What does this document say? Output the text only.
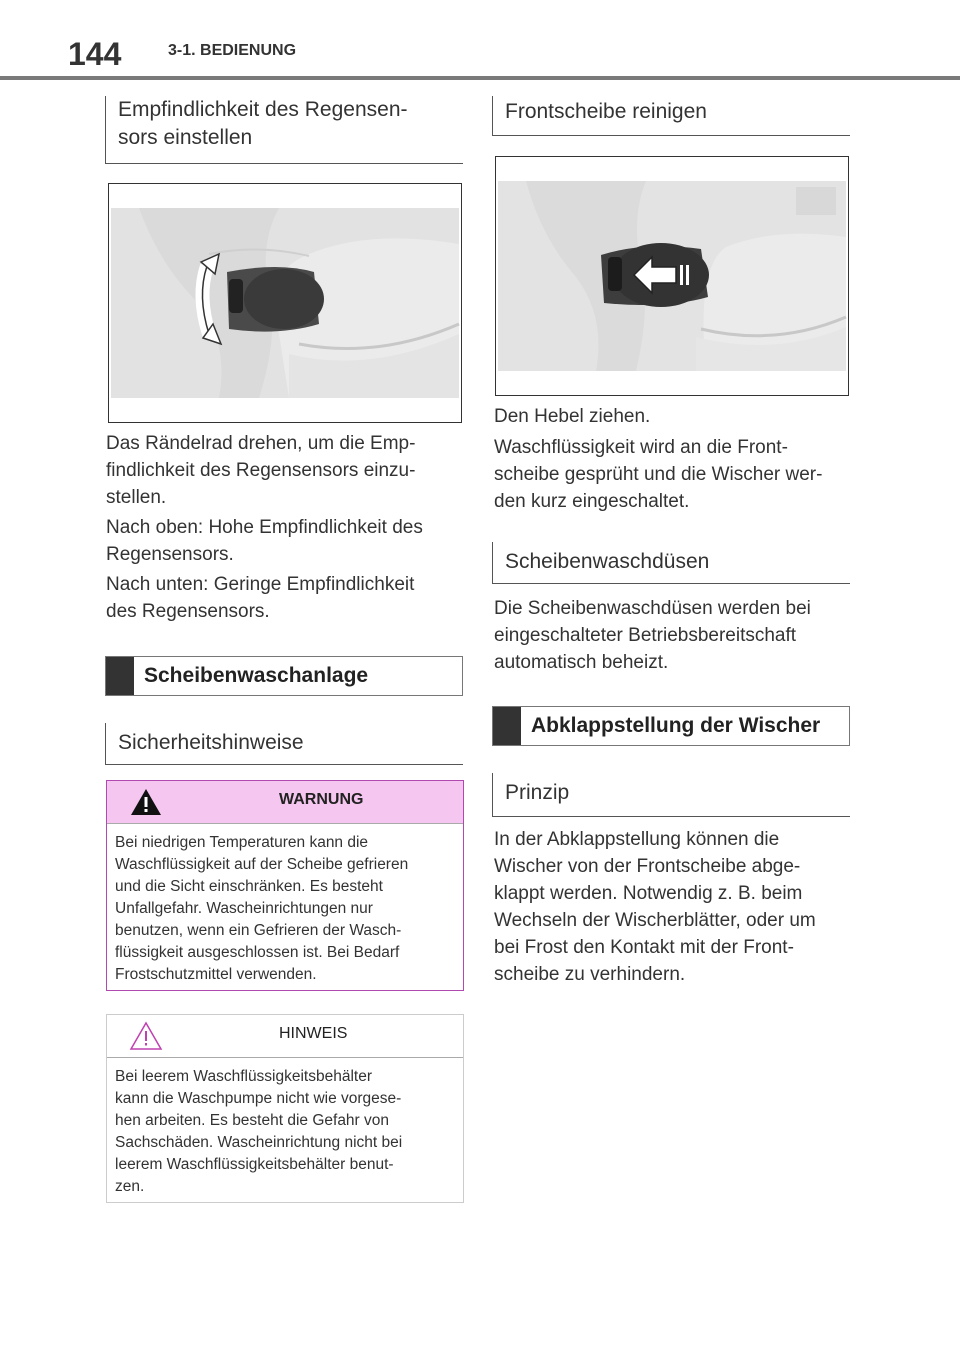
144	3-1. BEDIENUNG
Empfindlichkeit des Regensen-
sors einstellen
Das Rändelrad drehen, um die Emp-
findlichkeit des Regensensors einzu-
stellen.
Nach oben: Hohe Empfindlichkeit des
Regensensors.
Nach unten: Geringe Empfindlichkeit
des Regensensors.
Scheibenwaschanlage
Sicherheitshinweise
WARNUNG
Bei niedrigen Temperaturen kann die
Waschflüssigkeit auf der Scheibe gefrieren
und die Sicht einschränken. Es besteht
Unfallgefahr. Wascheinrichtungen nur
benutzen, wenn ein Gefrieren der Wasch-
flüssigkeit ausgeschlossen ist. Bei Bedarf
Frostschutzmittel verwenden.
HINWEIS
Bei leerem Waschflüssigkeitsbehälter
kann die Waschpumpe nicht wie vorgese-
hen arbeiten. Es besteht die Gefahr von
Sachschäden. Wascheinrichtung nicht bei
leerem Waschflüssigkeitsbehälter benut-
zen.
Frontscheibe reinigen
Den Hebel ziehen.
Waschflüssigkeit wird an die Front-
scheibe gesprüht und die Wischer wer-
den kurz eingeschaltet.
Scheibenwaschdüsen
Die Scheibenwaschdüsen werden bei
eingeschalteter Betriebsbereitschaft
automatisch beheizt.
Abklappstellung der Wischer
Prinzip
In der Abklappstellung können die
Wischer von der Frontscheibe abge-
klappt werden. Notwendig z. B. beim
Wechseln der Wischerblätter, oder um
bei Frost den Kontakt mit der Front-
scheibe zu verhindern.
